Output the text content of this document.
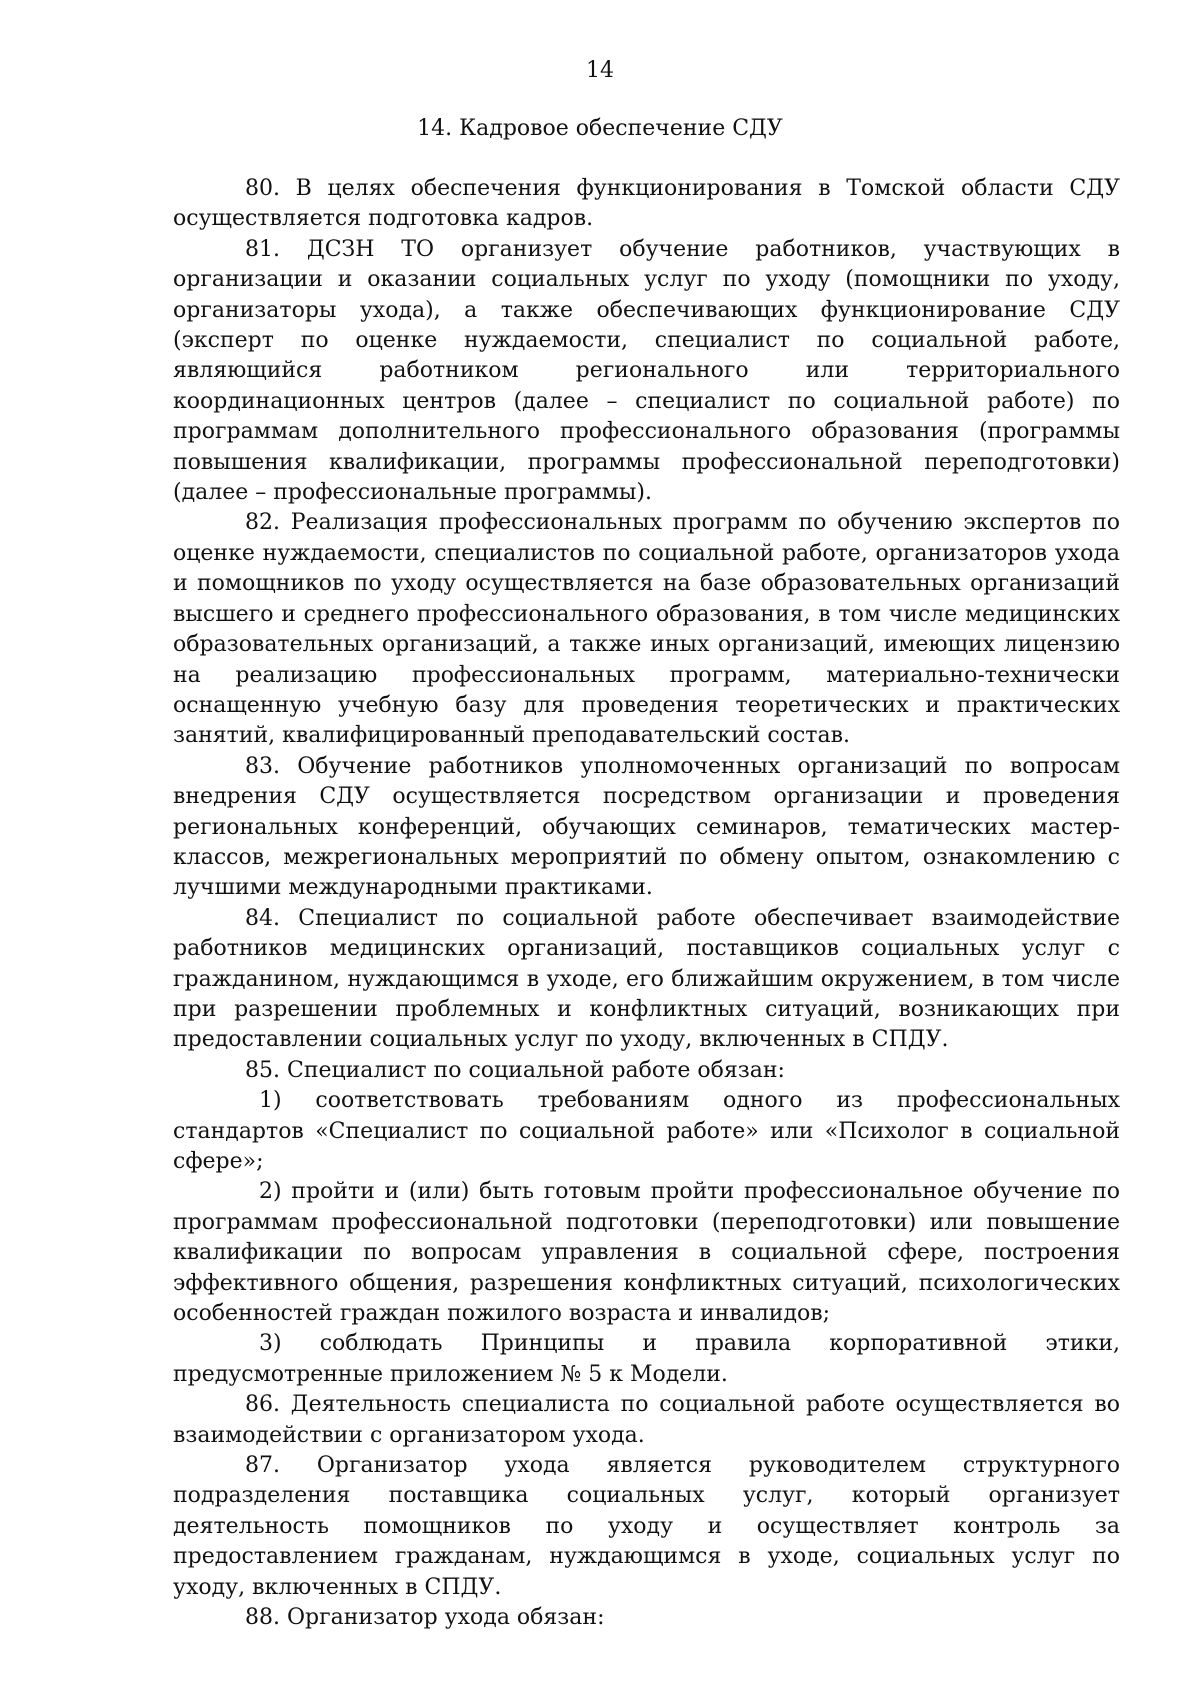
14
14. Кадровое обеспечение СДУ

80. В целях обеспечения функционирования в Томской области СДУ осуществляется подготовка кадров.

81. ДСЗН ТО организует обучение работников, участвующих в организации и оказании социальных услуг по уходу (помощники по уходу, организаторы ухода), а также обеспечивающих функционирование СДУ (эксперт по оценке нуждаемости, специалист по социальной работе, являющийся работником регионального или территориального координационных центров (далее – специалист по социальной работе) по программам дополнительного профессионального образования (программы повышения квалификации, программы профессиональной переподготовки) (далее – профессиональные программы).

82. Реализация профессиональных программ по обучению экспертов по оценке нуждаемости, специалистов по социальной работе, организаторов ухода и помощников по уходу осуществляется на базе образовательных организаций высшего и среднего профессионального образования, в том числе медицинских образовательных организаций, а также иных организаций, имеющих лицензию на реализацию профессиональных программ, материально-технически оснащенную учебную базу для проведения теоретических и практических занятий, квалифицированный преподавательский состав.

83. Обучение работников уполномоченных организаций по вопросам внедрения СДУ осуществляется посредством организации и проведения региональных конференций, обучающих семинаров, тематических мастер-классов, межрегиональных мероприятий по обмену опытом, ознакомлению с лучшими международными практиками.

84. Специалист по социальной работе обеспечивает взаимодействие работников медицинских организаций, поставщиков социальных услуг с гражданином, нуждающимся в уходе, его ближайшим окружением, в том числе при разрешении проблемных и конфликтных ситуаций, возникающих при предоставлении социальных услуг по уходу, включенных в СПДУ.

85. Специалист по социальной работе обязан:

1) соответствовать требованиям одного из профессиональных стандартов «Специалист по социальной работе» или «Психолог в социальной сфере»;

2) пройти и (или) быть готовым пройти профессиональное обучение по программам профессиональной подготовки (переподготовки) или повышение квалификации по вопросам управления в социальной сфере, построения эффективного общения, разрешения конфликтных ситуаций, психологических особенностей граждан пожилого возраста и инвалидов;

3) соблюдать Принципы и правила корпоративной этики, предусмотренные приложением № 5 к Модели.

86. Деятельность специалиста по социальной работе осуществляется во взаимодействии с организатором ухода.

87. Организатор ухода является руководителем структурного подразделения поставщика социальных услуг, который организует деятельность помощников по уходу и осуществляет контроль за предоставлением гражданам, нуждающимся в уходе, социальных услуг по уходу, включенных в СПДУ.

88. Организатор ухода обязан:
